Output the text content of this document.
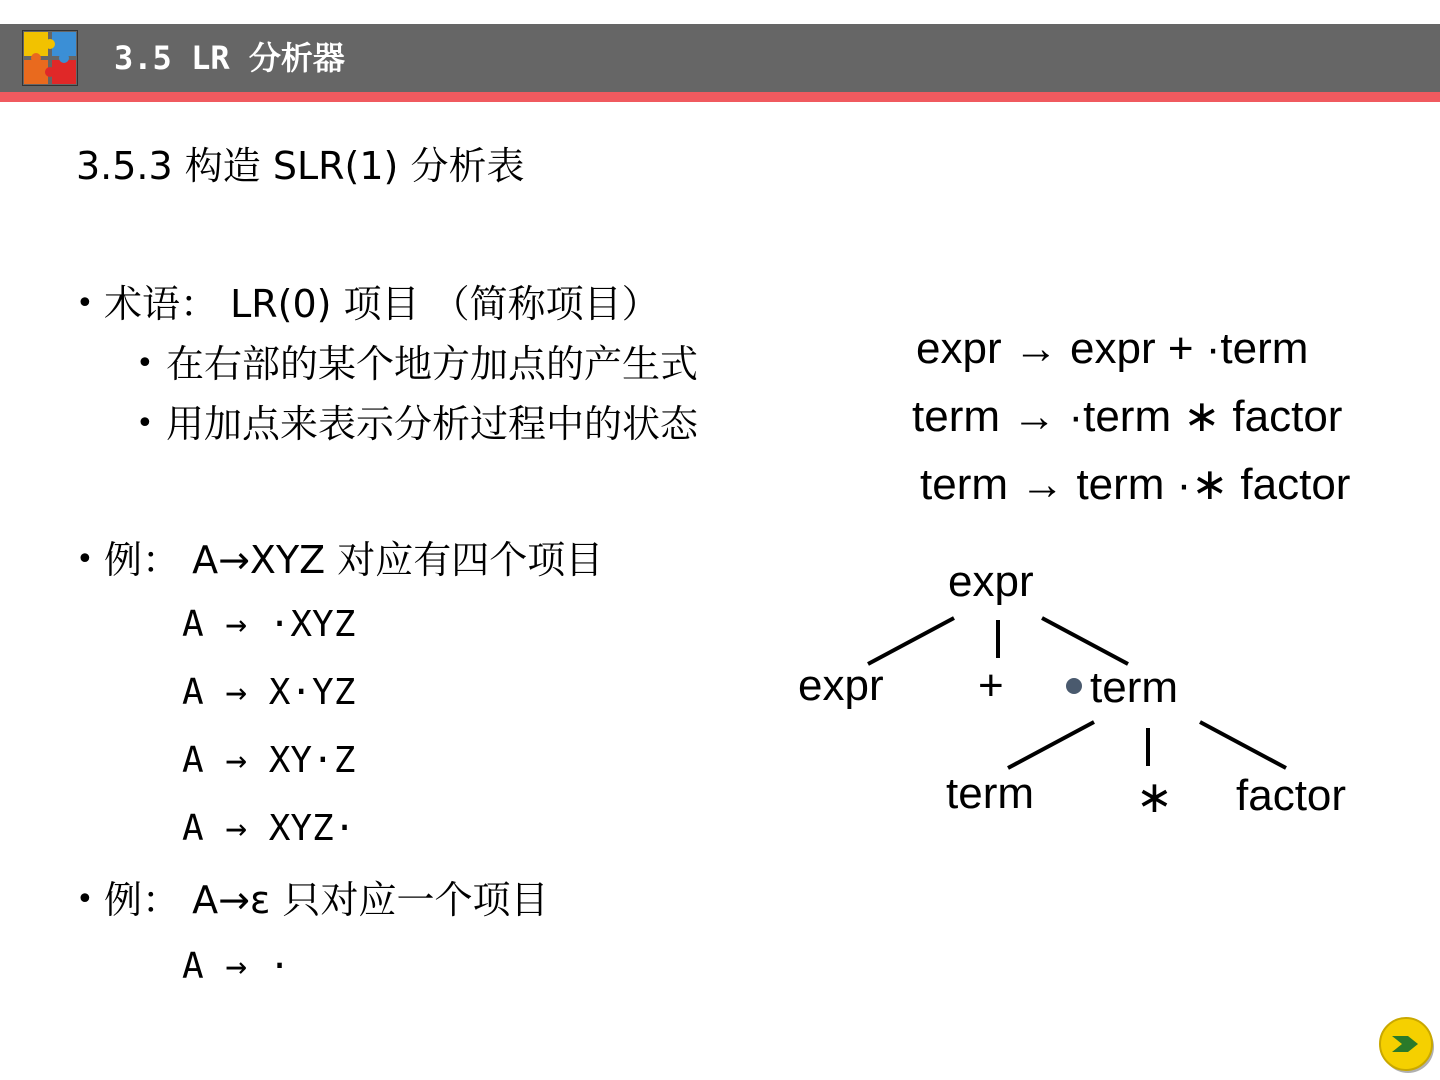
3.5 LR 分析器
3.5.3 构造 SLR(1) 分析表
• 术语： LR(0) 项目 （简称项目）
• 在右部的某个地方加点的产生式
• 用加点来表示分析过程中的状态
• 例： A→XYZ 对应有四个项目
A → ·XYZ
A → X·YZ
A → XY·Z
A → XYZ·
• 例： A→ε 只对应一个项目
A → ·
expr → expr + ·term
term → ·term ∗ factor
term → term ·∗ factor
expr
expr + term
term ∗ factor
